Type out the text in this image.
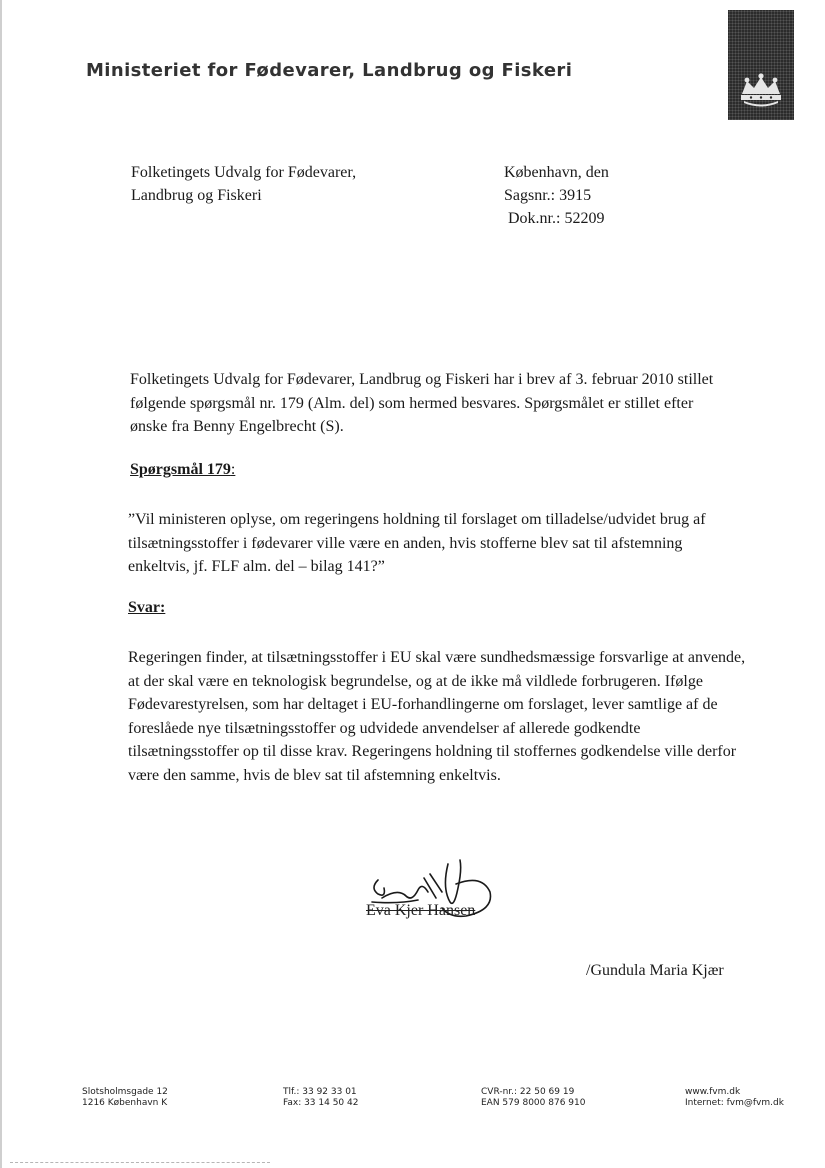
Ministeriet for Fødevarer, Landbrug og Fiskeri
Folketingets Udvalg for Fødevarer,
Landbrug og Fiskeri
København, den
Sagsnr.: 3915
Dok.nr.: 52209
Folketingets Udvalg for Fødevarer, Landbrug og Fiskeri har i brev af 3. februar 2010 stillet følgende spørgsmål nr. 179 (Alm. del) som hermed besvares. Spørgsmålet er stillet efter ønske fra Benny Engelbrecht (S).
Spørgsmål 179:
”Vil ministeren oplyse, om regeringens holdning til forslaget om tilladelse/udvidet brug af tilsætningsstoffer i fødevarer ville være en anden, hvis stofferne blev sat til afstemning enkeltvis, jf. FLF alm. del – bilag 141?”
Svar:
Regeringen finder, at tilsætningsstoffer i EU skal være sundhedsmæssige forsvarlige at anvende, at der skal være en teknologisk begrundelse, og at de ikke må vildlede forbrugeren. Ifølge Fødevarestyrelsen, som har deltaget i EU-forhandlingerne om forslaget, lever samtlige af de foreslåede nye tilsætningsstoffer og udvidede anvendelser af allerede godkendte tilsætningsstoffer op til disse krav. Regeringens holdning til stoffernes godkendelse ville derfor være den samme, hvis de blev sat til afstemning enkeltvis.
Eva Kjer Hansen
/Gundula Maria Kjær
Slotsholmsgade 12
1216 København K
Tlf.: 33 92 33 01
Fax: 33 14 50 42
CVR-nr.: 22 50 69 19
EAN 579 8000 876 910
www.fvm.dk
Internet: fvm@fvm.dk
